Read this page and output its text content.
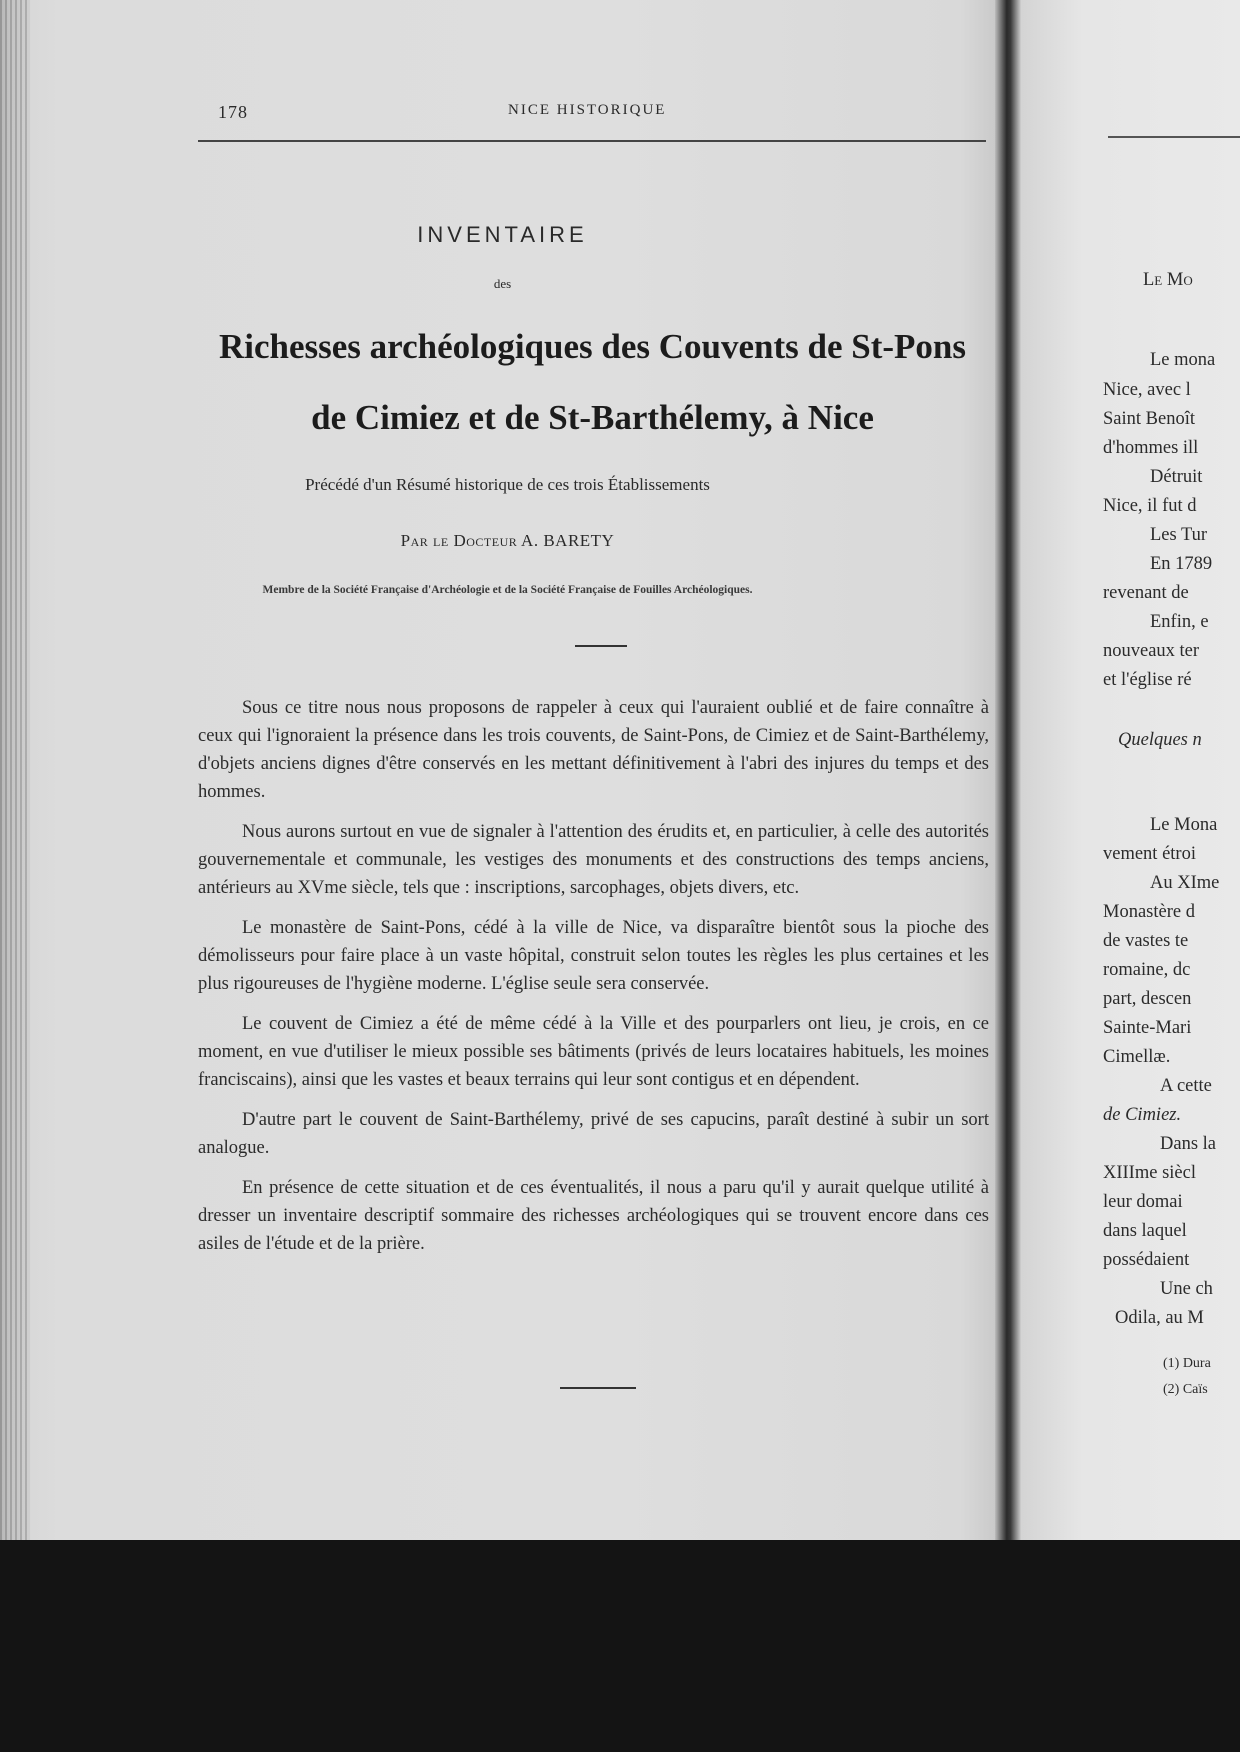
178	NICE HISTORIQUE
INVENTAIRE
des
Richesses archéologiques des Couvents de St-Pons
de Cimiez et de St-Barthélemy, à Nice
Précédé d'un Résumé historique de ces trois Établissements
Par le Docteur A. BARETY
Membre de la Société Française d'Archéologie et de la Société Française de Fouilles Archéologiques.

Sous ce titre nous nous proposons de rappeler à ceux qui l'auraient oublié et de faire connaître à ceux qui l'ignoraient la présence dans les trois couvents, de Saint-Pons, de Cimiez et de Saint-Barthélemy, d'objets anciens dignes d'être conservés en les mettant définitivement à l'abri des injures du temps et des hommes.

Nous aurons surtout en vue de signaler à l'attention des érudits et, en particulier, à celle des autorités gouvernementale et communale, les vestiges des monuments et des constructions des temps anciens, antérieurs au XVme siècle, tels que : inscriptions, sarcophages, objets divers, etc.

Le monastère de Saint-Pons, cédé à la ville de Nice, va disparaître bientôt sous la pioche des démolisseurs pour faire place à un vaste hôpital, construit selon toutes les règles les plus certaines et les plus rigoureuses de l'hygiène moderne. L'église seule sera conservée.

Le couvent de Cimiez a été de même cédé à la Ville et des pourparlers ont lieu, je crois, en ce moment, en vue d'utiliser le mieux possible ses bâtiments (privés de leurs locataires habituels, les moines franciscains), ainsi que les vastes et beaux terrains qui leur sont contigus et en dépendent.

D'autre part le couvent de Saint-Barthélemy, privé de ses capucins, paraît destiné à subir un sort analogue.

En présence de cette situation et de ces éventualités, il nous a paru qu'il y aurait quelque utilité à dresser un inventaire descriptif sommaire des richesses archéologiques qui se trouvent encore dans ces asiles de l'étude et de la prière.

Le Mo
Le mona
Nice, avec l
Saint Benoît
d'hommes ill
Détruit
Nice, il fut d
Les Tur
En 1789
revenant de
Enfin, e
nouveaux ter
et l'église ré
Quelques n
Le Mona
vement étroi
Au XIme
Monastère d
de vastes te
romaine, dc
part, descen
Sainte-Mari
Cimellæ.
A cette
de Cimiez.
Dans la
XIIIme siècl
leur domai
dans laquel
possédaient
Une ch
Odila, au M
(1) Dura
(2) Caïs
